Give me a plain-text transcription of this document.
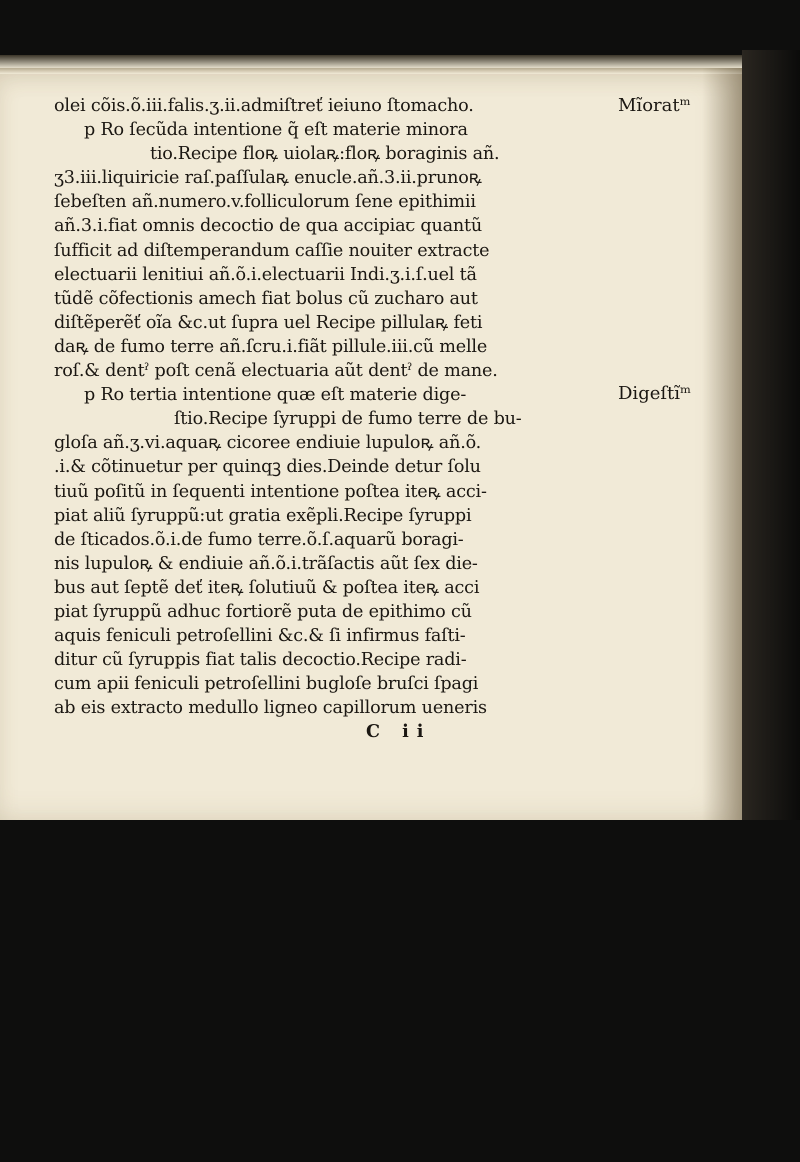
olei cõis.õ.iii.falis.ʒ.ii.admiſtreť ieiuno ſtomacho.
p Ro ſecũda intentione q̃ eſt materie minora
tio.Recipe floꝶ uiolaꝶ:floꝶ boraginis añ.
ʒ3.iii.liquiricie raſ.paſſulaꝶ enucle.añ.3.ii.prunoꝶ
ſebeſten añ.numero.v.folliculorum ſene epithimii
añ.3.i.fiat omnis decoctio de qua accipiaꞇ quantũ
ſufficit ad diſtemperandum caſſie nouiter extracte
electuarii lenitiui añ.õ.i.electuarii Indi.ʒ.i.ſ.uel tã
tũdẽ cõfectionis amech fiat bolus cũ zucharo aut
diſtẽperẽť oĩa &c.ut ſupra uel Recipe pillulaꝶ feti
daꝶ de fumo terre añ.ſcru.i.fiãt pillule.iii.cũ melle
roſ.& dentˀ poſt cenã electuaria aũt dentˀ de mane.
p Ro tertia intentione quæ eſt materie dige-
ſtio.Recipe ſyruppi de fumo terre de bu-
gloſa añ.ʒ.vi.aquaꝶ cicoree endiuie lupuloꝶ añ.õ.
.i.& cõtinuetur per quinqꝫ dies.Deinde detur ſolu
tiuũ poſitũ in ſequenti intentione poſtea iteꝶ acci-
piat aliũ ſyruppũ:ut gratia exẽpli.Recipe ſyruppi
de ſticados.õ.i.de fumo terre.õ.ſ.aquarũ boragi-
nis lupuloꝶ & endiuie añ.õ.i.trãſactis aũt ſex die-
bus aut ſeptẽ deť iteꝶ ſolutiuũ & poſtea iteꝶ acci
piat ſyruppũ adhuc fortiorẽ puta de epithimo cũ
aquis feniculi petroſellini &c.& ſi infirmus faſti-
ditur cũ ſyruppis fiat talis decoctio.Recipe radi-
cum apii feniculi petroſellini bugloſe bruſci ſpagi
ab eis extracto medullo ligneo capillorum ueneris
C ii
Mĩoratᵐ
Digeſtĩᵐ
